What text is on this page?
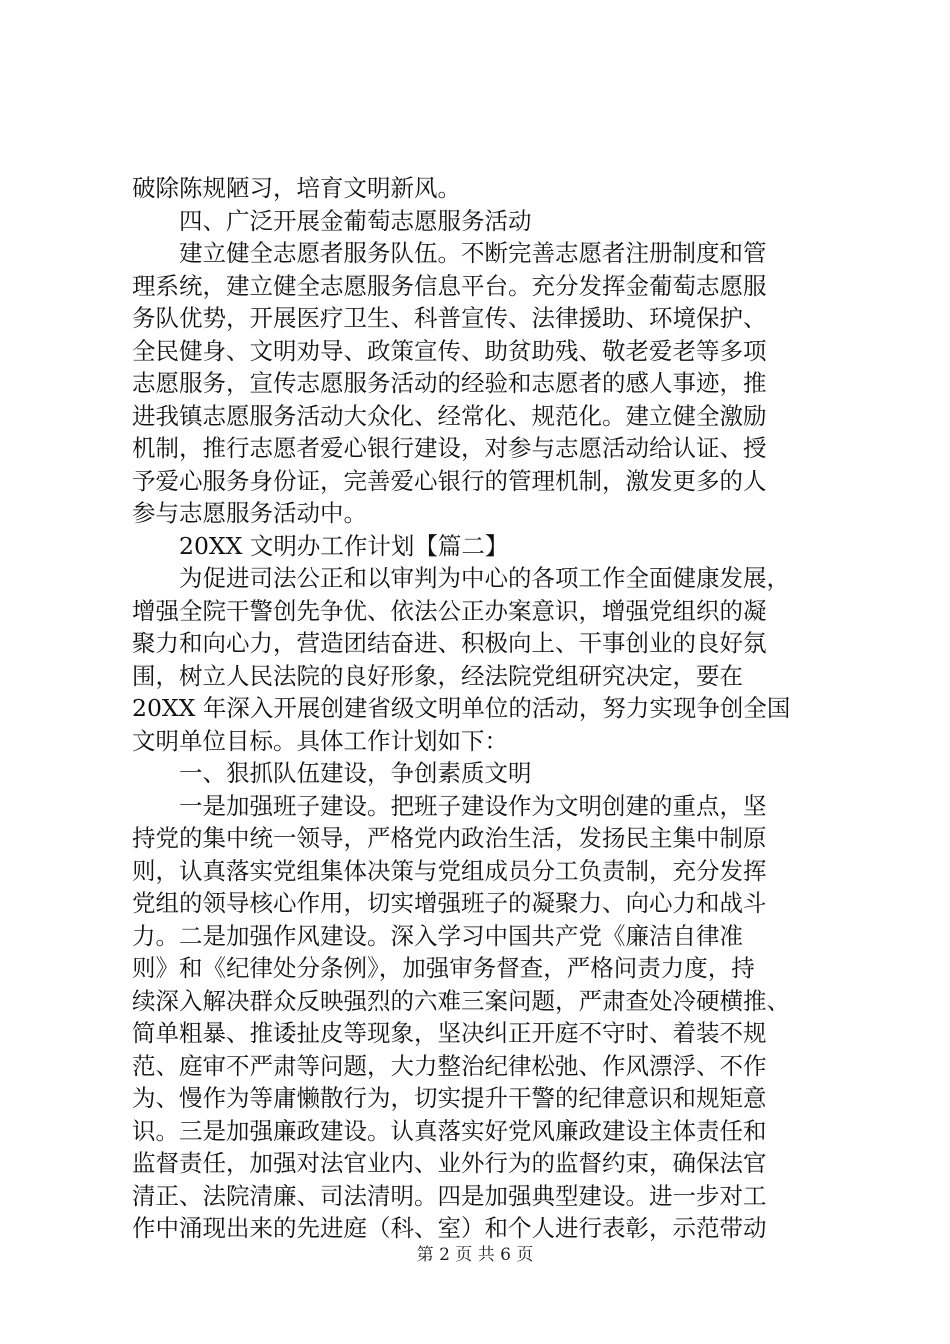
破除陈规陋习，培育文明新风。
四、广泛开展金葡萄志愿服务活动
建立健全志愿者服务队伍。不断完善志愿者注册制度和管
理系统，建立健全志愿服务信息平台。充分发挥金葡萄志愿服
务队优势，开展医疗卫生、科普宣传、法律援助、环境保护、
全民健身、文明劝导、政策宣传、助贫助残、敬老爱老等多项
志愿服务，宣传志愿服务活动的经验和志愿者的感人事迹，推
进我镇志愿服务活动大众化、经常化、规范化。建立健全激励
机制，推行志愿者爱心银行建设，对参与志愿活动给认证、授
予爱心服务身份证，完善爱心银行的管理机制，激发更多的人
参与志愿服务活动中。
20XX 文明办工作计划【篇二】
为促进司法公正和以审判为中心的各项工作全面健康发展，
增强全院干警创先争优、依法公正办案意识，增强党组织的凝
聚力和向心力，营造团结奋进、积极向上、干事创业的良好氛
围，树立人民法院的良好形象，经法院党组研究决定，要在
20XX 年深入开展创建省级文明单位的活动，努力实现争创全国
文明单位目标。具体工作计划如下：
一、狠抓队伍建设，争创素质文明
一是加强班子建设。把班子建设作为文明创建的重点，坚
持党的集中统一领导，严格党内政治生活，发扬民主集中制原
则，认真落实党组集体决策与党组成员分工负责制，充分发挥
党组的领导核心作用，切实增强班子的凝聚力、向心力和战斗
力。二是加强作风建设。深入学习中国共产党《廉洁自律准
则》和《纪律处分条例》，加强审务督查，严格问责力度，持
续深入解决群众反映强烈的六难三案问题，严肃查处冷硬横推、
简单粗暴、推诿扯皮等现象，坚决纠正开庭不守时、着装不规
范、庭审不严肃等问题，大力整治纪律松弛、作风漂浮、不作
为、慢作为等庸懒散行为，切实提升干警的纪律意识和规矩意
识。三是加强廉政建设。认真落实好党风廉政建设主体责任和
监督责任，加强对法官业内、业外行为的监督约束，确保法官
清正、法院清廉、司法清明。四是加强典型建设。进一步对工
作中涌现出来的先进庭（科、室）和个人进行表彰，示范带动
第 2 页 共 6 页
